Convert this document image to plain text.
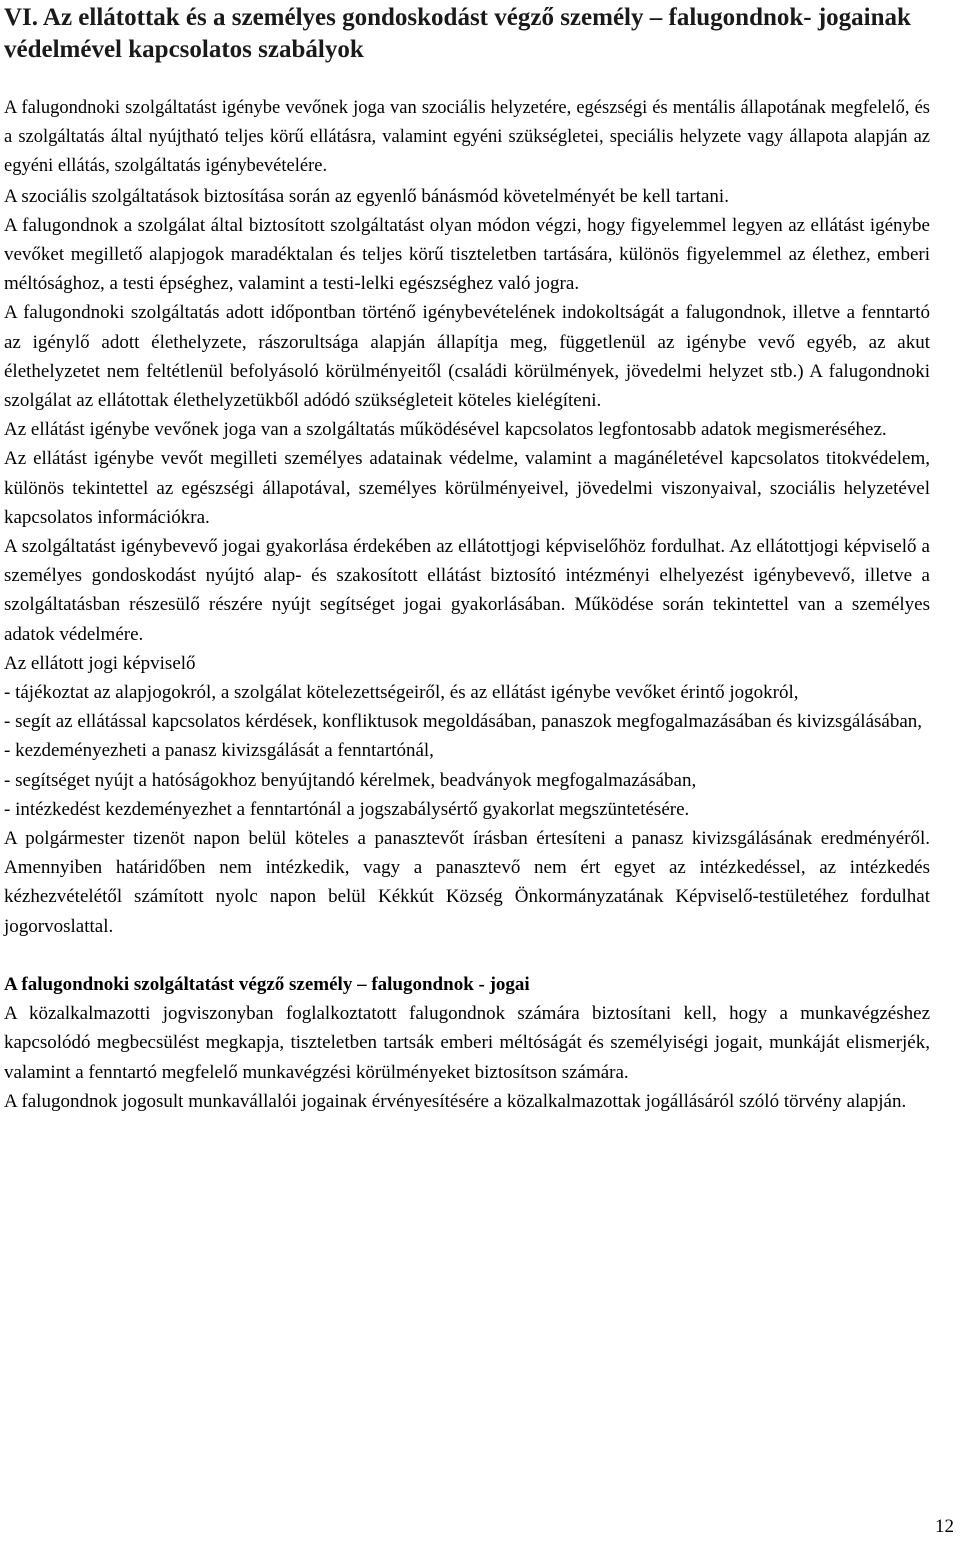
VI. Az ellátottak és a személyes gondoskodást végző személy – falugondnok- jogainak védelmével kapcsolatos szabályok

A falugondnoki szolgáltatást igénybe vevőnek joga van szociális helyzetére, egészségi és mentális állapotának megfelelő, és a szolgáltatás által nyújtható teljes körű ellátásra, valamint egyéni szükségletei, speciális helyzete vagy állapota alapján az egyéni ellátás, szolgáltatás igénybevételére.

A szociális szolgáltatások biztosítása során az egyenlő bánásmód követelményét be kell tartani.

A falugondnok a szolgálat által biztosított szolgáltatást olyan módon végzi, hogy figyelemmel legyen az ellátást igénybe vevőket megillető alapjogok maradéktalan és teljes körű tiszteletben tartására, különös figyelemmel az élethez, emberi méltósághoz, a testi épséghez, valamint a testi-lelki egészséghez való jogra.

A falugondnoki szolgáltatás adott időpontban történő igénybevételének indokoltságát a falugondnok, illetve a fenntartó az igénylő adott élethelyzete, rászorultsága alapján állapítja meg, függetlenül az igénybe vevő egyéb, az akut élethelyzetet nem feltétlenül befolyásoló körülményeitől (családi körülmények, jövedelmi helyzet stb.) A falugondnoki szolgálat az ellátottak élethelyzetükből adódó szükségleteit köteles kielégíteni.

Az ellátást igénybe vevőnek joga van a szolgáltatás működésével kapcsolatos legfontosabb adatok megismeréséhez.

Az ellátást igénybe vevőt megilleti személyes adatainak védelme, valamint a magánéletével kapcsolatos titokvédelem, különös tekintettel az egészségi állapotával, személyes körülményeivel, jövedelmi viszonyaival, szociális helyzetével kapcsolatos információkra.

A szolgáltatást igénybevevő jogai gyakorlása érdekében az ellátottjogi képviselőhöz fordulhat. Az ellátottjogi képviselő a személyes gondoskodást nyújtó alap- és szakosított ellátást biztosító intézményi elhelyezést igénybevevő, illetve a szolgáltatásban részesülő részére nyújt segítséget jogai gyakorlásában. Működése során tekintettel van a személyes adatok védelmére.

Az ellátott jogi képviselő

- tájékoztat az alapjogokról, a szolgálat kötelezettségeiről, és az ellátást igénybe vevőket érintő jogokról,

- segít az ellátással kapcsolatos kérdések, konfliktusok megoldásában, panaszok megfogalmazásában és kivizsgálásában,

- kezdeményezheti a panasz kivizsgálását a fenntartónál,

- segítséget nyújt a hatóságokhoz benyújtandó kérelmek, beadványok megfogalmazásában,

- intézkedést kezdeményezhet a fenntartónál a jogszabálysértő gyakorlat megszüntetésére.

A polgármester tizenöt napon belül köteles a panasztevőt írásban értesíteni a panasz kivizsgálásának eredményéről. Amennyiben határidőben nem intézkedik, vagy a panasztevő nem ért egyet az intézkedéssel, az intézkedés kézhezvételétől számított nyolc napon belül Kékkút Község Önkormányzatának Képviselő-testületéhez fordulhat jogorvoslattal.

A falugondnoki szolgáltatást végző személy – falugondnok - jogai

A közalkalmazotti jogviszonyban foglalkoztatott falugondnok számára biztosítani kell, hogy a munkavégzéshez kapcsolódó megbecsülést megkapja, tiszteletben tartsák emberi méltóságát és személyiségi jogait, munkáját elismerjék, valamint a fenntartó megfelelő munkavégzési körülményeket biztosítson számára.

A falugondnok jogosult munkavállalói jogainak érvényesítésére a közalkalmazottak jogállásáról szóló törvény alapján.

12
